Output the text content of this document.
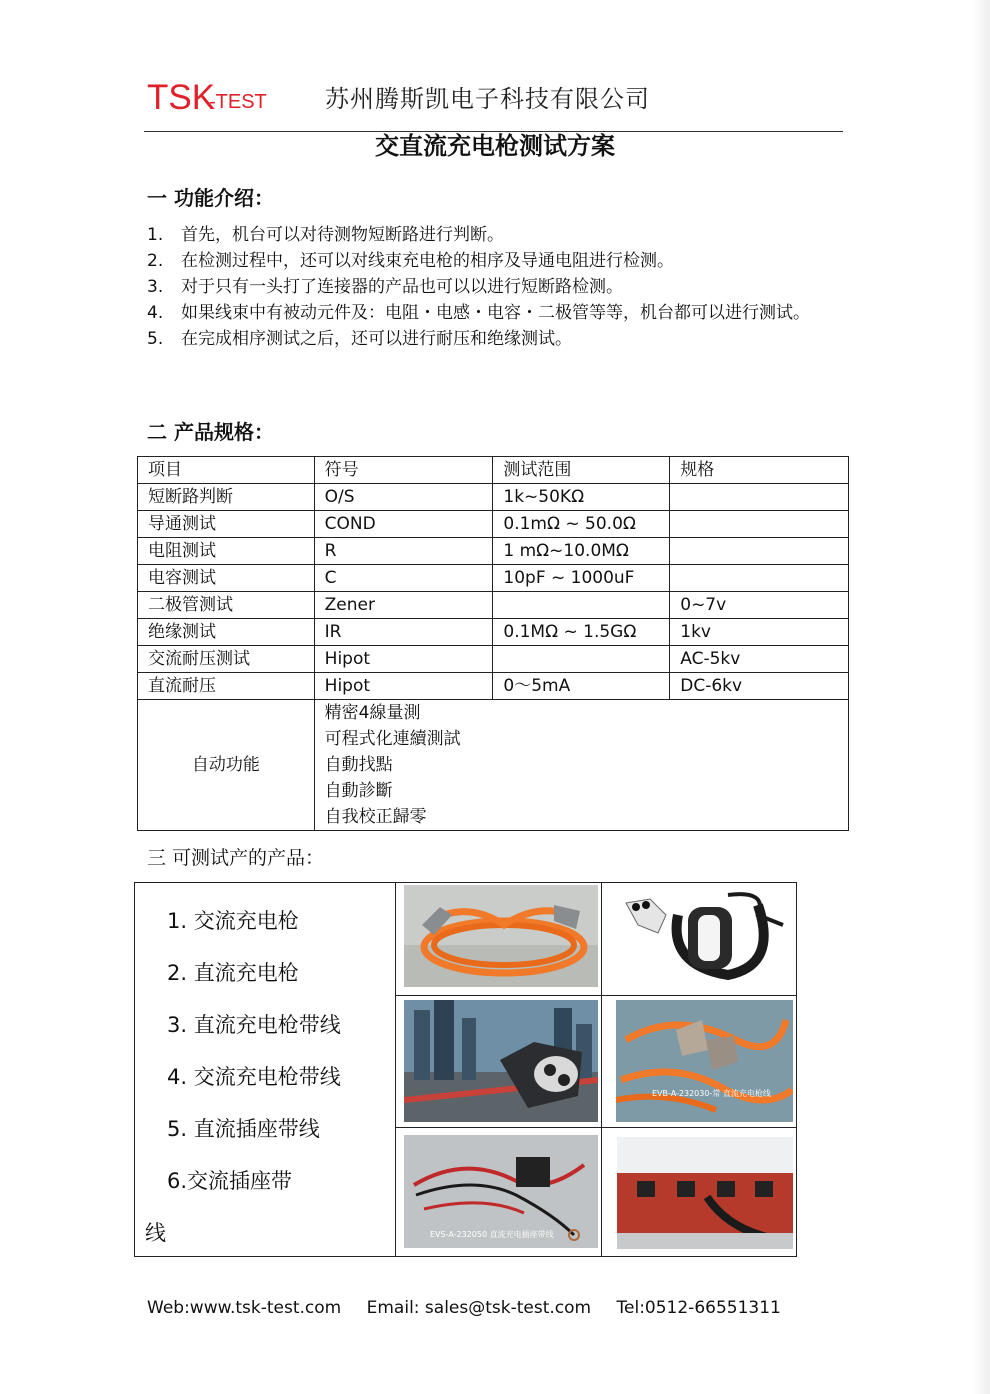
TSK
-TEST 苏州腾斯凯电子科技有限公司
交直流充电枪测试方案
一 功能介绍：
1. 首先，机台可以对待测物短断路进行判断。
2. 在检测过程中，还可以对线束充电枪的相序及导通电阻进行检测。
3. 对于只有一头打了连接器的产品也可以以进行短断路检测。
4. 如果线束中有被动元件及：电阻・电感・电容・二极管等等，机台都可以进行测试。
5. 在完成相序测试之后，还可以进行耐压和绝缘测试。
二 产品规格：
项目	符号	测试范围	规格
短断路判断	O/S	1k~50KΩ	
导通测试	COND	0.1mΩ ~ 50.0Ω	
电阻测试	R	1 mΩ~10.0MΩ	
电容测试	C	10pF ~ 1000uF	
二极管测试	Zener		0~7v
绝缘测试	IR	0.1MΩ ~ 1.5GΩ	1kv
交流耐压测试	Hipot		AC-5kv
直流耐压	Hipot	0～5mA	DC-6kv
自动功能	精密4線量測
可程式化連續測試
自動找點
自動診斷
自我校正歸零		
三 可测试产的产品：
1. 交流充电枪
2. 直流充电枪
3. 直流充电枪带线
4. 交流充电枪带线
5. 直流插座带线
6.交流插座带
线
EVB-A-232030-常 直流充电枪线
EVS-A-232050 直流充电插座带线
Web:www.tsk-test.com Email: sales@tsk-test.com Tel:0512-66551311
